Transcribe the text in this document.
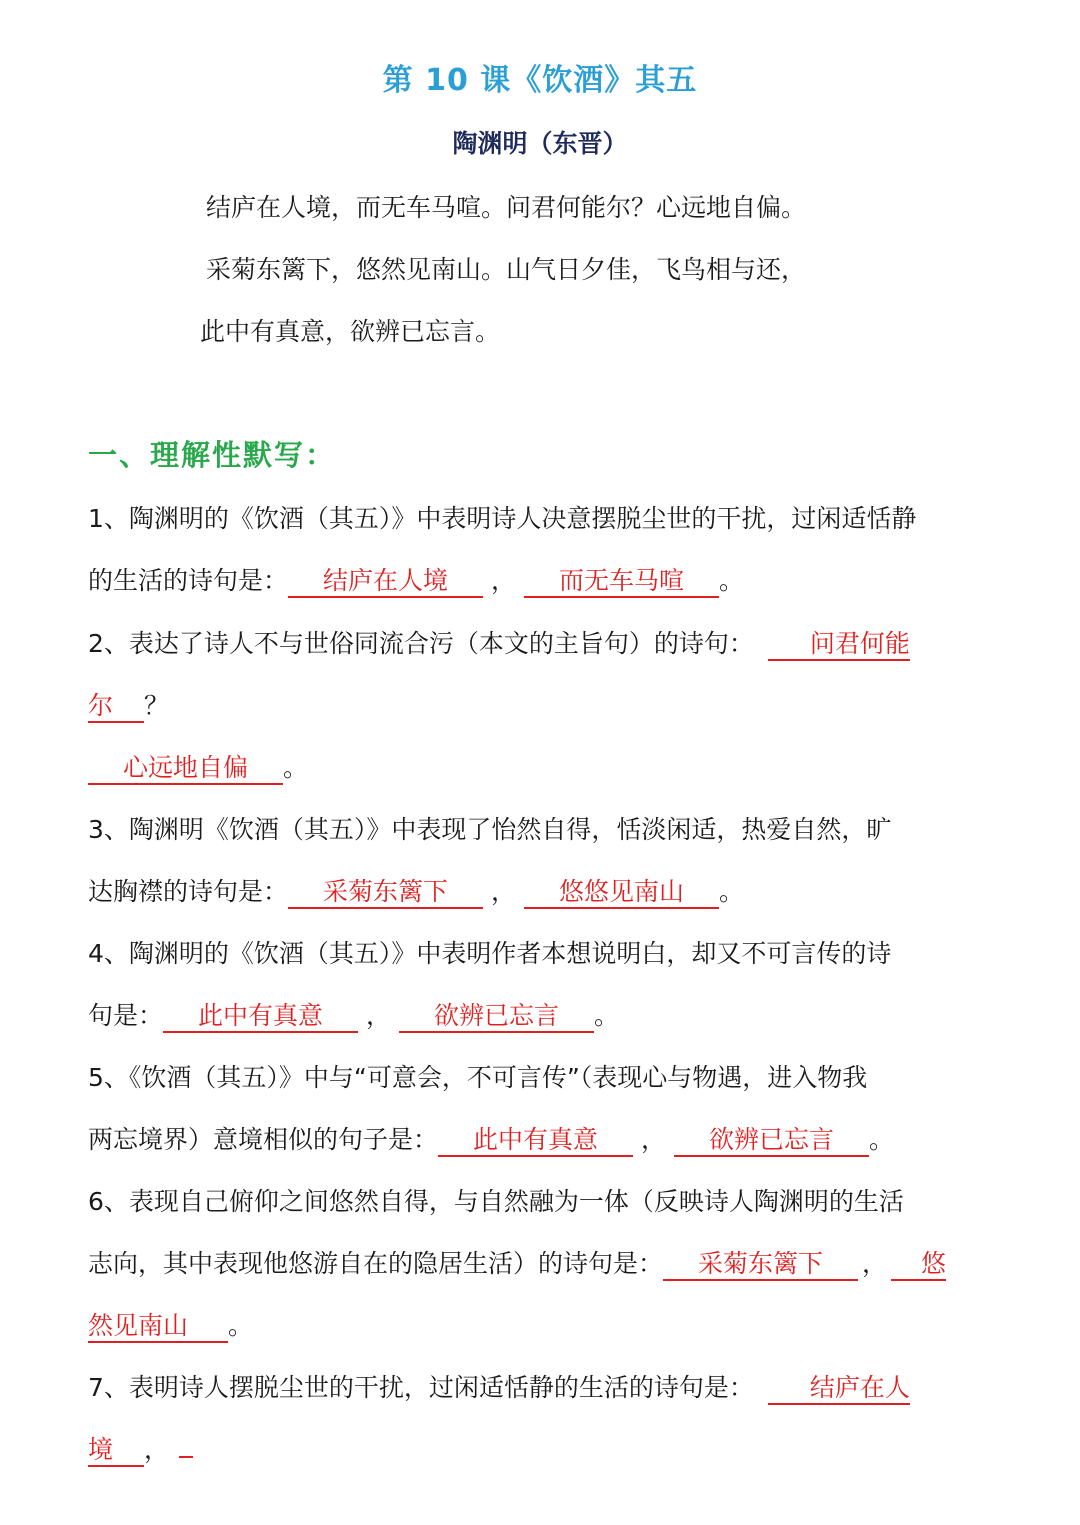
第 10 课《饮酒》其五
陶渊明（东晋）
结庐在人境，而无车马喧。问君何能尔？心远地自偏。
采菊东篱下，悠然见南山。山气日夕佳，飞鸟相与还，
此中有真意，欲辨已忘言。
一、理解性默写：
1、陶渊明的《饮酒（其五）》中表明诗人决意摆脱尘世的干扰，过闲适恬静
的生活的诗句是： 结庐在人境 ， 而无车马喧 。
2、表达了诗人不与世俗同流合污（本文的主旨句）的诗句： 问君何能
尔 ？
心远地自偏 。
3、陶渊明《饮酒（其五）》中表现了怡然自得，恬淡闲适，热爱自然，旷
达胸襟的诗句是： 采菊东篱下 ， 悠悠见南山 。
4、陶渊明的《饮酒（其五）》中表明作者本想说明白，却又不可言传的诗
句是： 此中有真意 ， 欲辨已忘言 。
5、《饮酒（其五）》中与“可意会，不可言传”（表现心与物遇，进入物我
两忘境界）意境相似的句子是： 此中有真意 ， 欲辨已忘言 。
6、表现自己俯仰之间悠然自得，与自然融为一体（反映诗人陶渊明的生活
志向，其中表现他悠游自在的隐居生活）的诗句是： 采菊东篱下 ， 悠
然见南山 。
7、表明诗人摆脱尘世的干扰，过闲适恬静的生活的诗句是： 结庐在人
境 ，
